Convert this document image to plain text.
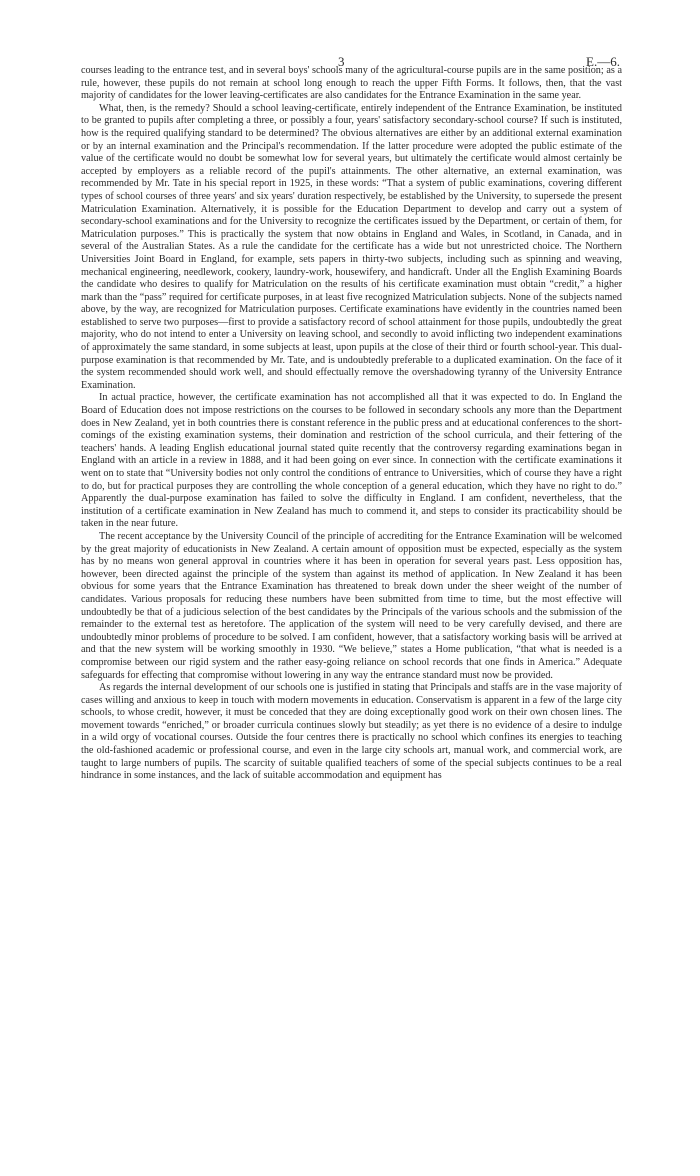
3	E.—6.

courses leading to the entrance test, and in several boys' schools many of the agricultural-course pupils are in the same position; as a rule, however, these pupils do not remain at school long enough to reach the upper Fifth Forms. It follows, then, that the vast majority of candidates for the lower leaving-certificates are also candidates for the Entrance Examination in the same year.

What, then, is the remedy? Should a school leaving-certificate, entirely independent of the Entrance Examination, be instituted to be granted to pupils after completing a three, or possibly a four, years' satisfactory secondary-school course? If such is instituted, how is the required qualifying standard to be determined? The obvious alternatives are either by an additional external examination or by an internal examination and the Principal's recommendation. If the latter procedure were adopted the public estimate of the value of the certificate would no doubt be somewhat low for several years, but ultimately the certificate would almost certainly be accepted by employers as a reliable record of the pupil's attainments. The other alternative, an external examination, was recommended by Mr. Tate in his special report in 1925, in these words: “That a system of public examinations, covering different types of school courses of three years' and six years' duration respectively, be established by the University, to supersede the present Matriculation Examination. Alternatively, it is possible for the Education Department to develop and carry out a system of secondary-school examinations and for the University to recognize the certificates issued by the Department, or certain of them, for Matriculation purposes.” This is practically the system that now obtains in England and Wales, in Scotland, in Canada, and in several of the Australian States. As a rule the candidate for the certificate has a wide but not unrestricted choice. The Northern Universities Joint Board in England, for example, sets papers in thirty-two subjects, including such as spinning and weaving, mechanical engineering, needlework, cookery, laundry-work, housewifery, and handicraft. Under all the English Examining Boards the candidate who desires to qualify for Matriculation on the results of his certificate examination must obtain “credit,” a higher mark than the “pass” required for certificate purposes, in at least five recognized Matriculation subjects. None of the subjects named above, by the way, are recognized for Matriculation purposes. Certificate examinations have evidently in the countries named been established to serve two purposes—first to provide a satisfactory record of school attainment for those pupils, undoubtedly the great majority, who do not intend to enter a University on leaving school, and secondly to avoid inflicting two independent examinations of approximately the same standard, in some subjects at least, upon pupils at the close of their third or fourth school-year. This dual-purpose examination is that recommended by Mr. Tate, and is undoubtedly preferable to a duplicated examination. On the face of it the system recommended should work well, and should effectually remove the overshadowing tyranny of the University Entrance Examination.

In actual practice, however, the certificate examination has not accomplished all that it was expected to do. In England the Board of Education does not impose restrictions on the courses to be followed in secondary schools any more than the Department does in New Zealand, yet in both countries there is constant reference in the public press and at educational conferences to the short-comings of the existing examination systems, their domination and restriction of the school curricula, and their fettering of the teachers' hands. A leading English educational journal stated quite recently that the controversy regarding examinations began in England with an article in a review in 1888, and it had been going on ever since. In connection with the certificate examinations it went on to state that “University bodies not only control the conditions of entrance to Universities, which of course they have a right to do, but for practical purposes they are controlling the whole conception of a general education, which they have no right to do.” Apparently the dual-purpose examination has failed to solve the difficulty in England. I am confident, nevertheless, that the institution of a certificate examination in New Zealand has much to commend it, and steps to consider its practicability should be taken in the near future.

The recent acceptance by the University Council of the principle of accrediting for the Entrance Examination will be welcomed by the great majority of educationists in New Zealand. A certain amount of opposition must be expected, especially as the system has by no means won general approval in countries where it has been in operation for several years past. Less opposition has, however, been directed against the principle of the system than against its method of application. In New Zealand it has been obvious for some years that the Entrance Examination has threatened to break down under the sheer weight of the number of candidates. Various proposals for reducing these numbers have been submitted from time to time, but the most effective will undoubtedly be that of a judicious selection of the best candidates by the Principals of the various schools and the submission of the remainder to the external test as heretofore. The application of the system will need to be very carefully devised, and there are undoubtedly minor problems of procedure to be solved. I am confident, however, that a satisfactory working basis will be arrived at and that the new system will be working smoothly in 1930. “We believe,” states a Home publication, “that what is needed is a compromise between our rigid system and the rather easy-going reliance on school records that one finds in America.” Adequate safeguards for effecting that compromise without lowering in any way the entrance standard must now be provided.

As regards the internal development of our schools one is justified in stating that Principals and staffs are in the vase majority of cases willing and anxious to keep in touch with modern movements in education. Conservatism is apparent in a few of the large city schools, to whose credit, however, it must be conceded that they are doing exceptionally good work on their own chosen lines. The movement towards “enriched,” or broader curricula continues slowly but steadily; as yet there is no evidence of a desire to indulge in a wild orgy of vocational courses. Outside the four centres there is practically no school which confines its energies to teaching the old-fashioned academic or professional course, and even in the large city schools art, manual work, and commercial work, are taught to large numbers of pupils. The scarcity of suitable qualified teachers of some of the special subjects continues to be a real hindrance in some instances, and the lack of suitable accommodation and equipment has
